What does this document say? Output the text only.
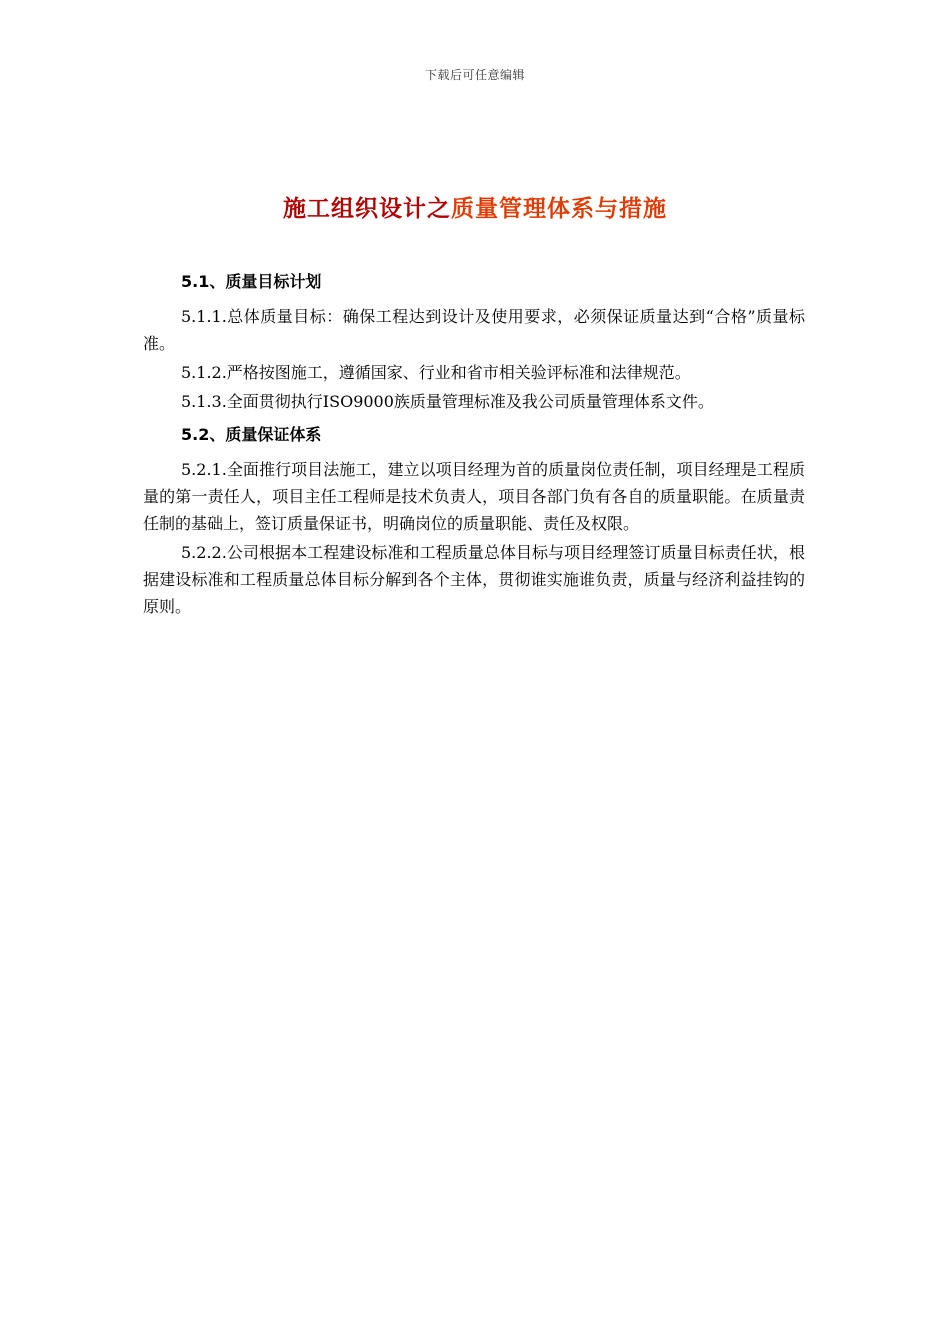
下载后可任意编辑
施工组织设计之质量管理体系与措施
5.1、质量目标计划

5.1.1.总体质量目标：确保工程达到设计及使用要求，必须保证质量达到“合格”质量标准。

5.1.2.严格按图施工，遵循国家、行业和省市相关验评标准和法律规范。

5.1.3.全面贯彻执行ISO9000族质量管理标准及我公司质量管理体系文件。

5.2、质量保证体系

5.2.1.全面推行项目法施工，建立以项目经理为首的质量岗位责任制，项目经理是工程质量的第一责任人，项目主任工程师是技术负责人，项目各部门负有各自的质量职能。在质量责任制的基础上，签订质量保证书，明确岗位的质量职能、责任及权限。

5.2.2.公司根据本工程建设标准和工程质量总体目标与项目经理签订质量目标责任状，根据建设标准和工程质量总体目标分解到各个主体，贯彻谁实施谁负责，质量与经济利益挂钩的原则。
